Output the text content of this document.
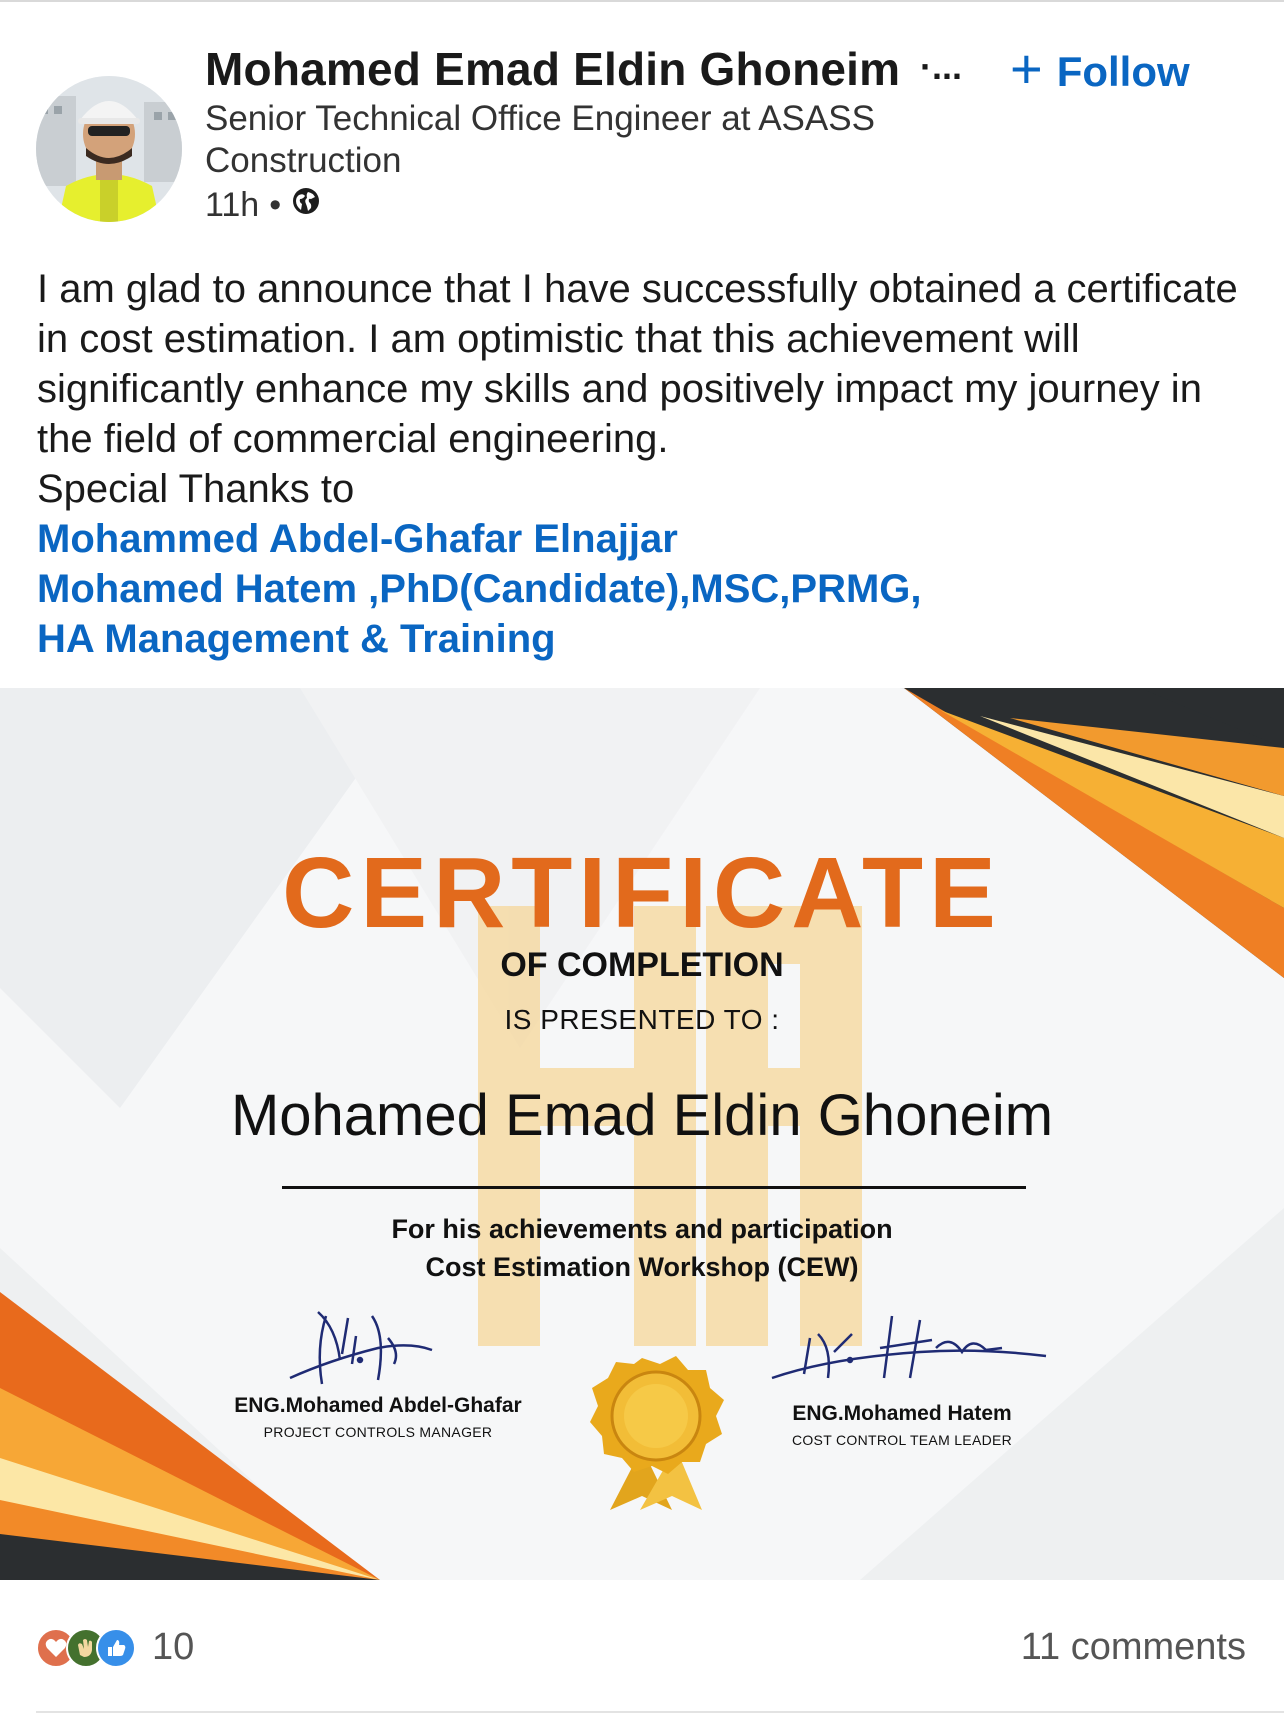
Mohamed Emad Eldin Ghoneim ·... + Follow
Senior Technical Office Engineer at ASASS Construction
11h •

I am glad to announce that I have successfully obtained a certificate in cost estimation. I am optimistic that this achievement will significantly enhance my skills and positively impact my journey in the field of commercial engineering.

Special Thanks to

Mohammed Abdel-Ghafar Elnajjar
Mohamed Hatem ,PhD(Candidate),MSC,PRMG,
HA Management & Training
CERTIFICATE
OF COMPLETION
IS PRESENTED TO :
Mohamed Emad Eldin Ghoneim
For his achievements and participation
Cost Estimation Workshop (CEW)
ENG.Mohamed Abdel-Ghafar
PROJECT CONTROLS MANAGER
ENG.Mohamed Hatem
COST CONTROL TEAM LEADER
10	11 comments
